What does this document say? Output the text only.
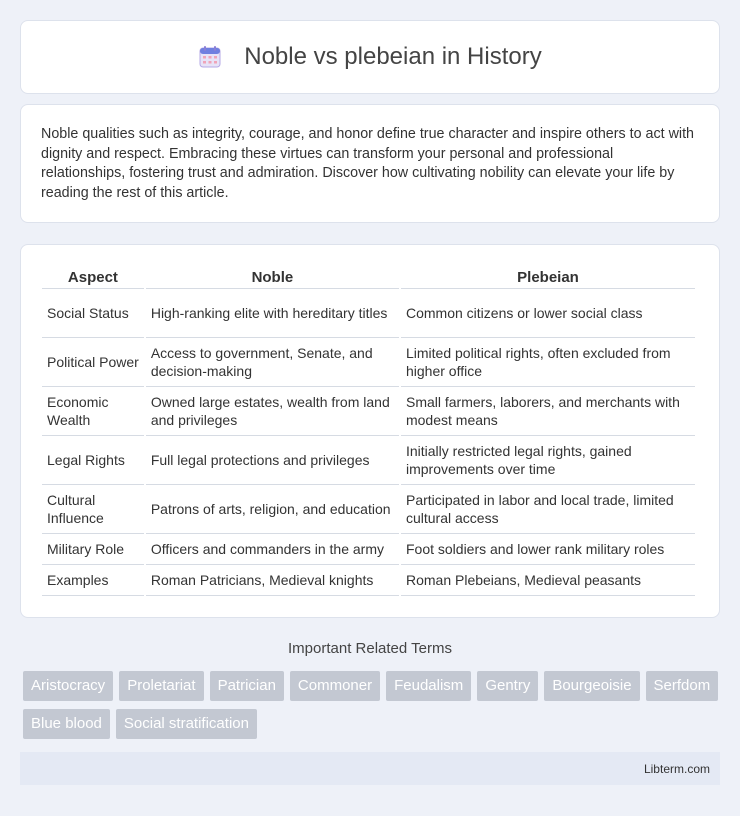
Noble vs plebeian in History

Noble qualities such as integrity, courage, and honor define true character and inspire others to act with dignity and respect. Embracing these virtues can transform your personal and professional relationships, fostering trust and admiration. Discover how cultivating nobility can elevate your life by reading the rest of this article.

Aspect	Noble	Plebeian
Social Status	High-ranking elite with hereditary titles	Common citizens or lower social class
Political Power	Access to government, Senate, and decision-making	Limited political rights, often excluded from higher office
Economic Wealth	Owned large estates, wealth from land and privileges	Small farmers, laborers, and merchants with modest means
Legal Rights	Full legal protections and privileges	Initially restricted legal rights, gained improvements over time
Cultural Influence	Patrons of arts, religion, and education	Participated in labor and local trade, limited cultural access
Military Role	Officers and commanders in the army	Foot soldiers and lower rank military roles
Examples	Roman Patricians, Medieval knights	Roman Plebeians, Medieval peasants
Important Related Terms
Aristocracy	Proletariat	Patrician	Commoner	Feudalism	Gentry	Bourgeoisie	Serfdom
Blue blood	Social stratification
Libterm.com
